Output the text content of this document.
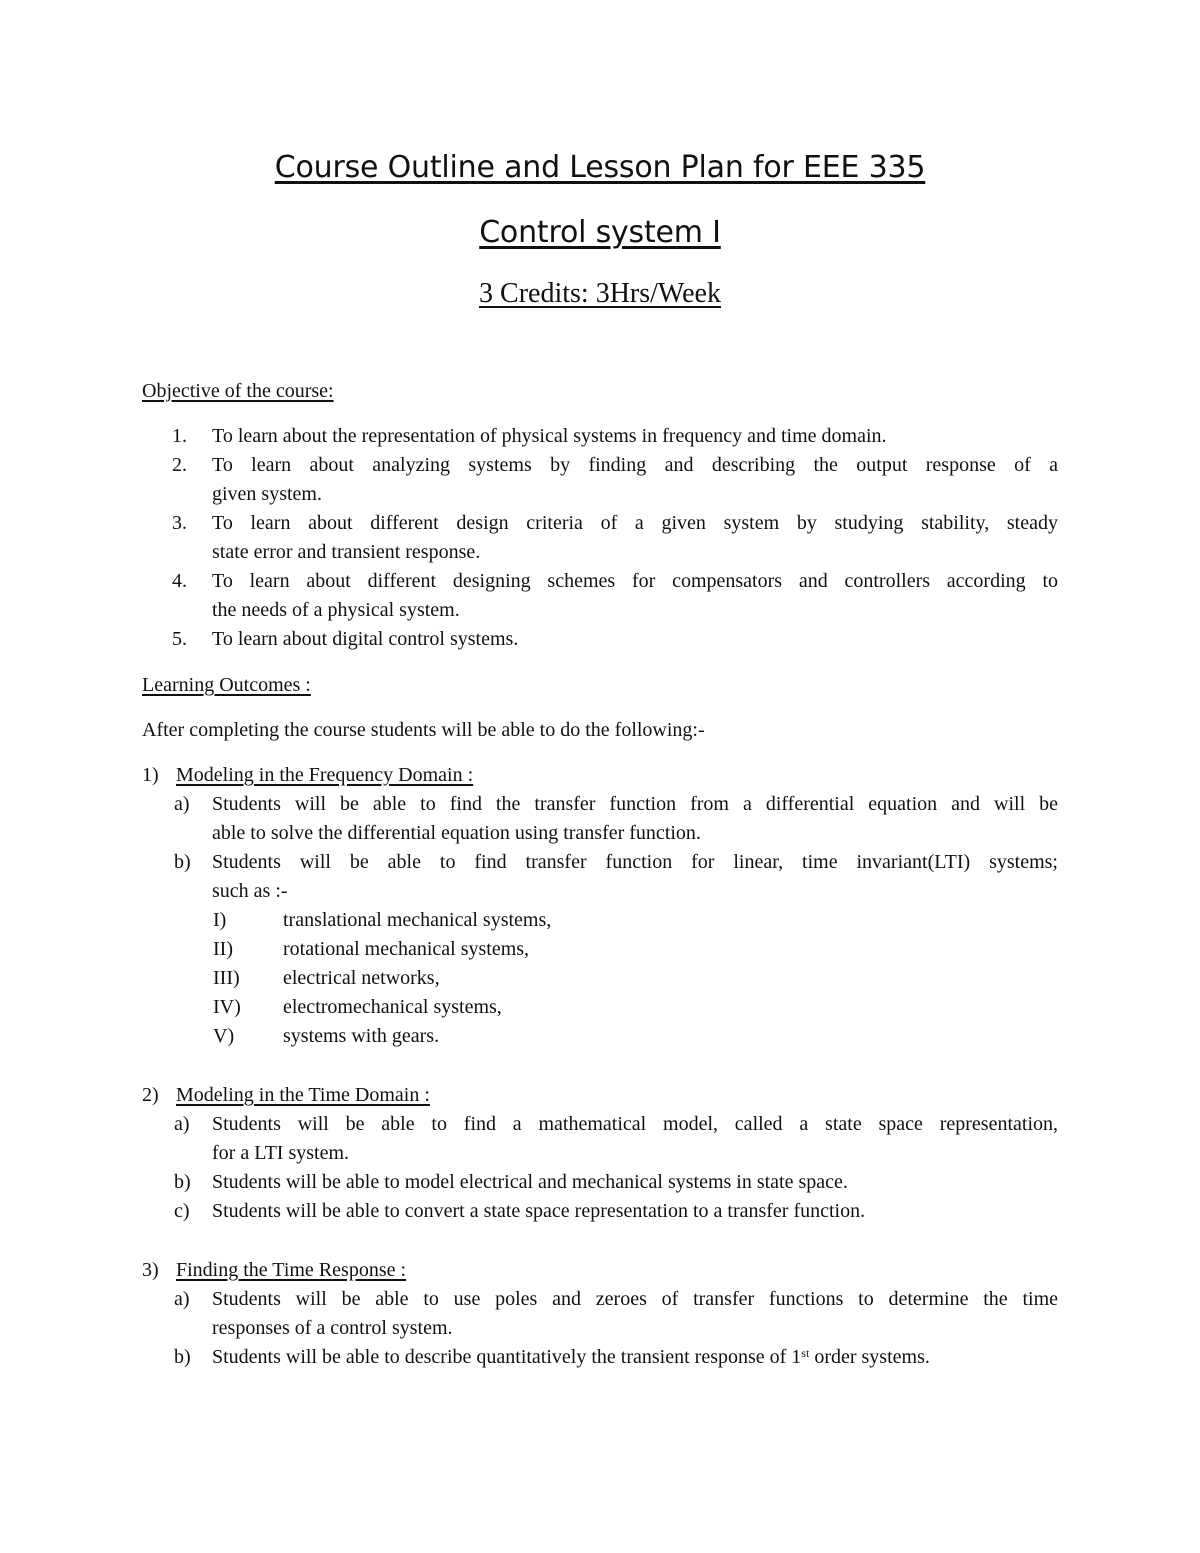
Course Outline and Lesson Plan for EEE 335
Control system I
3 Credits: 3Hrs/Week
Objective of the course:
1. To learn about the representation of physical systems in frequency and time domain.
2. To learn about analyzing systems by finding and describing the output response of a
given system.
3. To learn about different design criteria of a given system by studying stability, steady
state error and transient response.
4. To learn about different designing schemes for compensators and controllers according to
the needs of a physical system.
5. To learn about digital control systems.
Learning Outcomes :
After completing the course students will be able to do the following:-
1) Modeling in the Frequency Domain :
a) Students will be able to find the transfer function from a differential equation and will be
able to solve the differential equation using transfer function.
b) Students will be able to find transfer function for linear, time invariant(LTI) systems;
such as :-
I)	translational mechanical systems,
II)	rotational mechanical systems,
III) electrical networks,
IV) electromechanical systems,
V) systems with gears.
2) Modeling in the Time Domain :
a) Students will be able to find a mathematical model, called a state space representation,
for a LTI system.
b) Students will be able to model electrical and mechanical systems in state space.
c) Students will be able to convert a state space representation to a transfer function.
3) Finding the Time Response :
a) Students will be able to use poles and zeroes of transfer functions to determine the time
responses of a control system.
b) Students will be able to describe quantitatively the transient response of 1st order systems.
